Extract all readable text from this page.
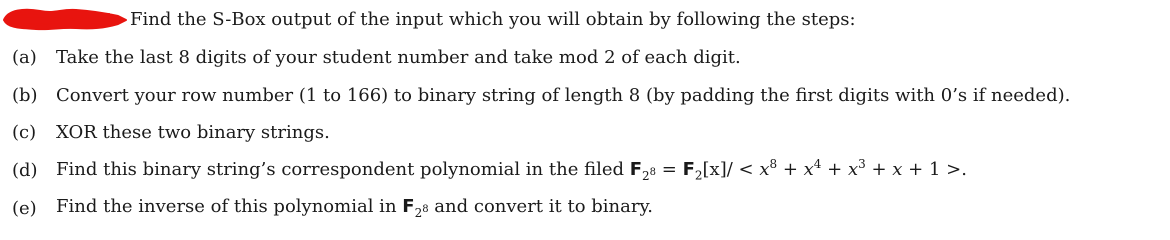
Find the S-Box output of the input which you will obtain by following the steps:
(a)	Take the last 8 digits of your student number and take mod 2 of each digit.
(b)	Convert your row number (1 to 166) to binary string of length 8 (by padding the first digits with 0’s if needed).
(c)	XOR these two binary strings.
(d)	Find this binary string’s correspondent polynomial in the filed $F_{2^8} = F_2[x]/ < x^8 + x^4 + x^3 + x + 1$ >.
(e)	Find the inverse of this polynomial in $F_{2^8}$ and convert it to binary.
